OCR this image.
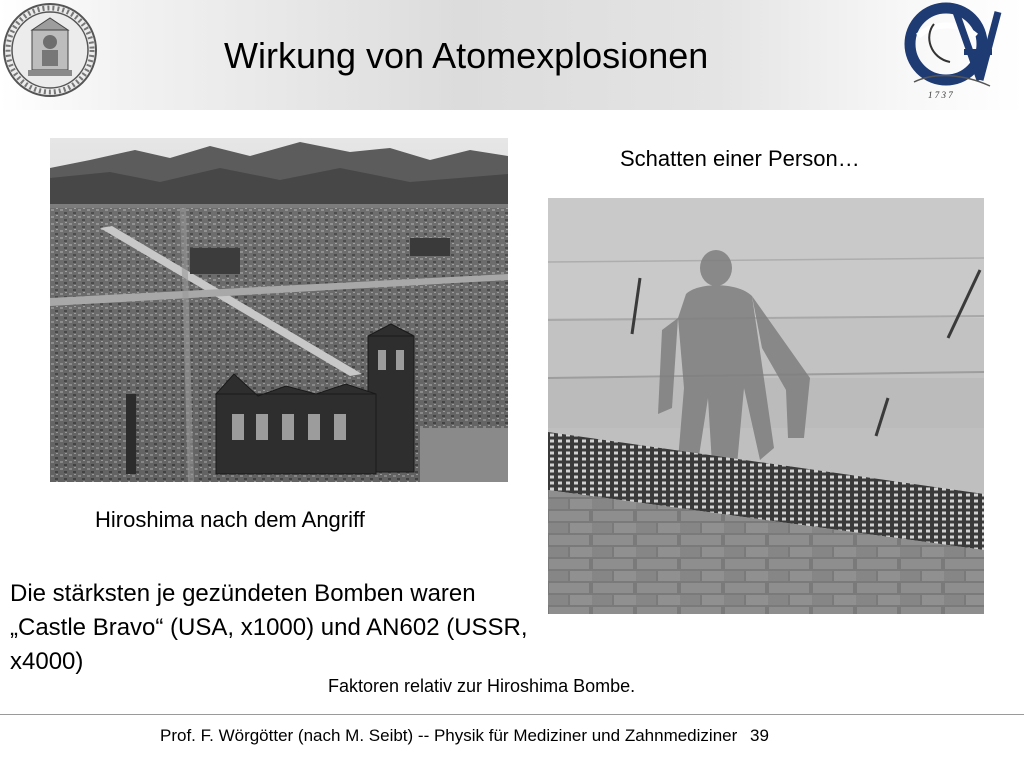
1 7 3 7
Wirkung von Atomexplosionen
Schatten einer Person…
Hiroshima nach dem Angriff
Die stärksten je gezündeten Bomben waren „Castle Bravo“ (USA, x1000) und AN602 (USSR, x4000)
Faktoren relativ zur Hiroshima Bombe.
Prof. F. Wörgötter (nach M. Seibt) -- Physik für Mediziner und Zahnmediziner 39
